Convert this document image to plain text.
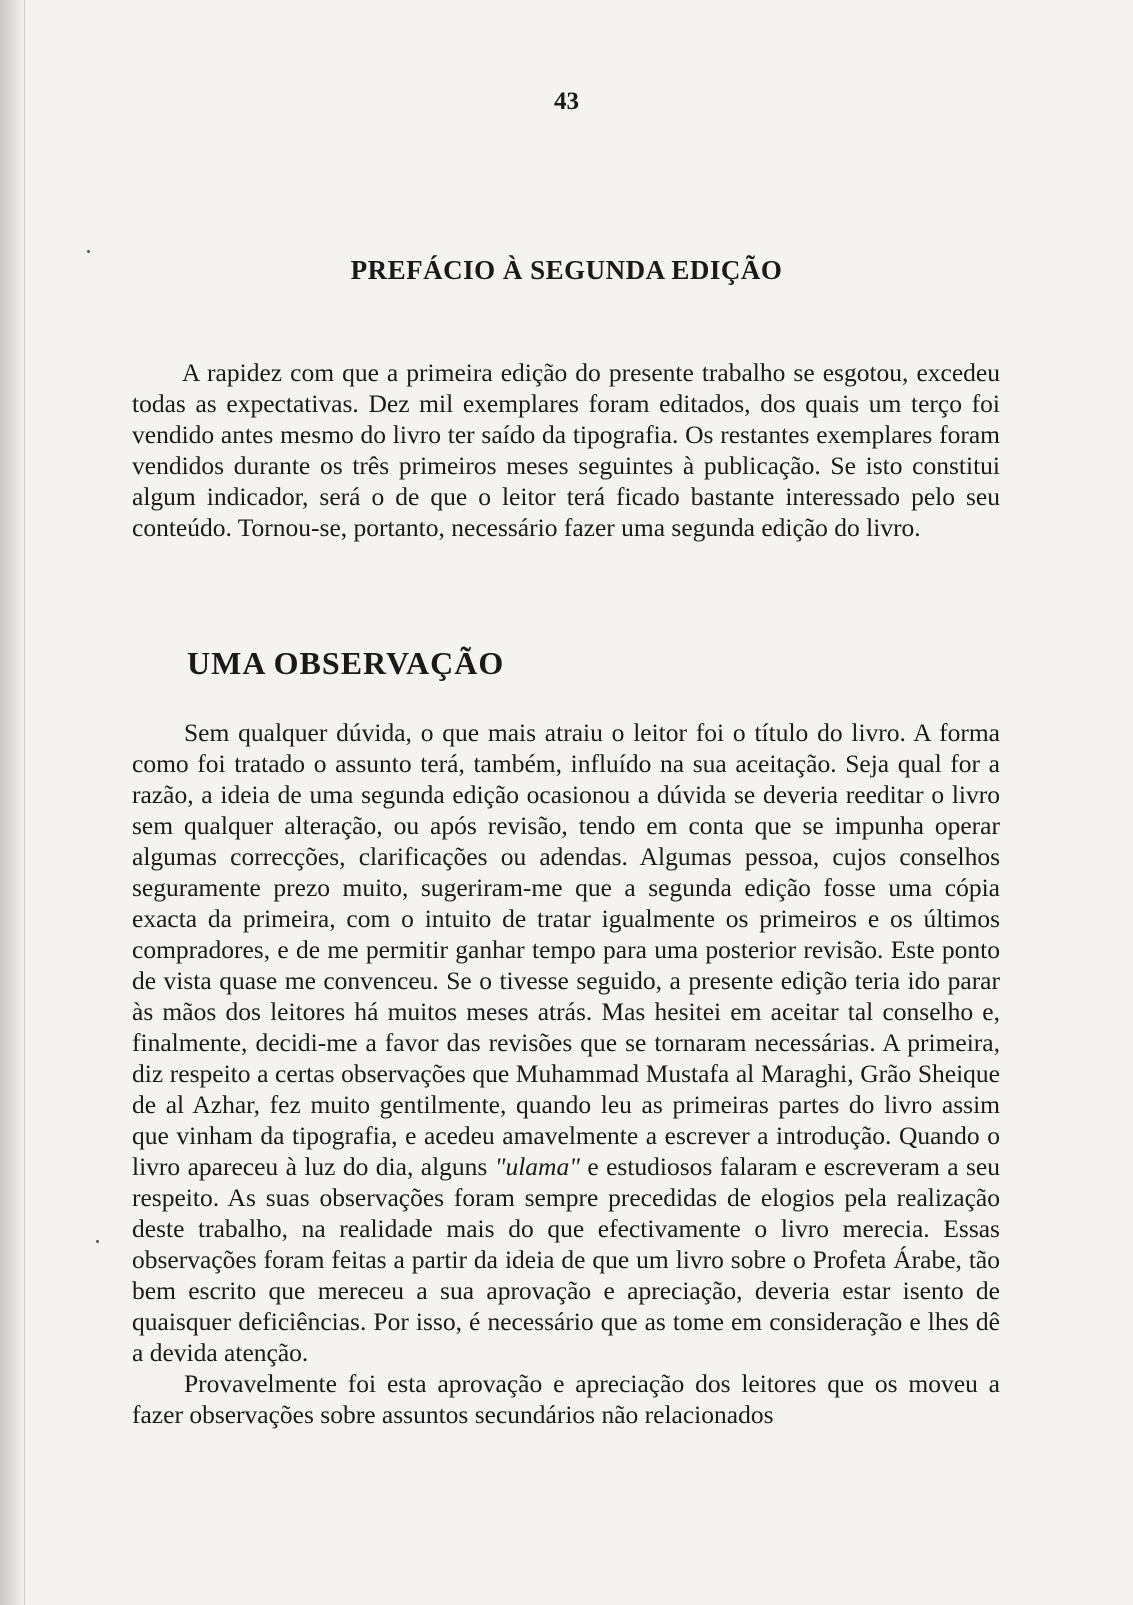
43
PREFÁCIO À SEGUNDA EDIÇÃO

A rapidez com que a primeira edição do presente trabalho se esgotou, excedeu todas as expectativas. Dez mil exemplares foram editados, dos quais um terço foi vendido antes mesmo do livro ter saído da tipografia. Os restantes exemplares foram vendidos durante os três primeiros meses seguintes à publicação. Se isto constitui algum indicador, será o de que o leitor terá ficado bastante interessado pelo seu conteúdo. Tornou-se, portanto, necessário fazer uma segunda edição do livro.

UMA OBSERVAÇÃO

Sem qualquer dúvida, o que mais atraiu o leitor foi o título do livro. A forma como foi tratado o assunto terá, também, influído na sua aceitação. Seja qual for a razão, a ideia de uma segunda edição ocasionou a dúvida se deveria reeditar o livro sem qualquer alteração, ou após revisão, tendo em conta que se impunha operar algumas correcções, clarificações ou adendas. Algumas pessoa, cujos conselhos seguramente prezo muito, sugeriram-me que a segunda edição fosse uma cópia exacta da primeira, com o intuito de tratar igualmente os primeiros e os últimos compradores, e de me permitir ganhar tempo para uma posterior revisão. Este ponto de vista quase me convenceu. Se o tivesse seguido, a presente edição teria ido parar às mãos dos leitores há muitos meses atrás. Mas hesitei em aceitar tal conselho e, finalmente, decidi-me a favor das revisões que se tornaram necessárias. A primeira, diz respeito a certas observações que Muhammad Mustafa al Maraghi, Grão Sheique de al Azhar, fez muito gentilmente, quando leu as primeiras partes do livro assim que vinham da tipografia, e acedeu amavelmente a escrever a introdução. Quando o livro apareceu à luz do dia, alguns "ulama" e estudiosos falaram e escreveram a seu respeito. As suas observações foram sempre precedidas de elogios pela realização deste trabalho, na realidade mais do que efectivamente o livro merecia. Essas observações foram feitas a partir da ideia de que um livro sobre o Profeta Árabe, tão bem escrito que mereceu a sua aprovação e apreciação, deveria estar isento de quaisquer deficiências. Por isso, é necessário que as tome em consideração e lhes dê a devida atenção.

Provavelmente foi esta aprovação e apreciação dos leitores que os moveu a fazer observações sobre assuntos secundários não relacionados
